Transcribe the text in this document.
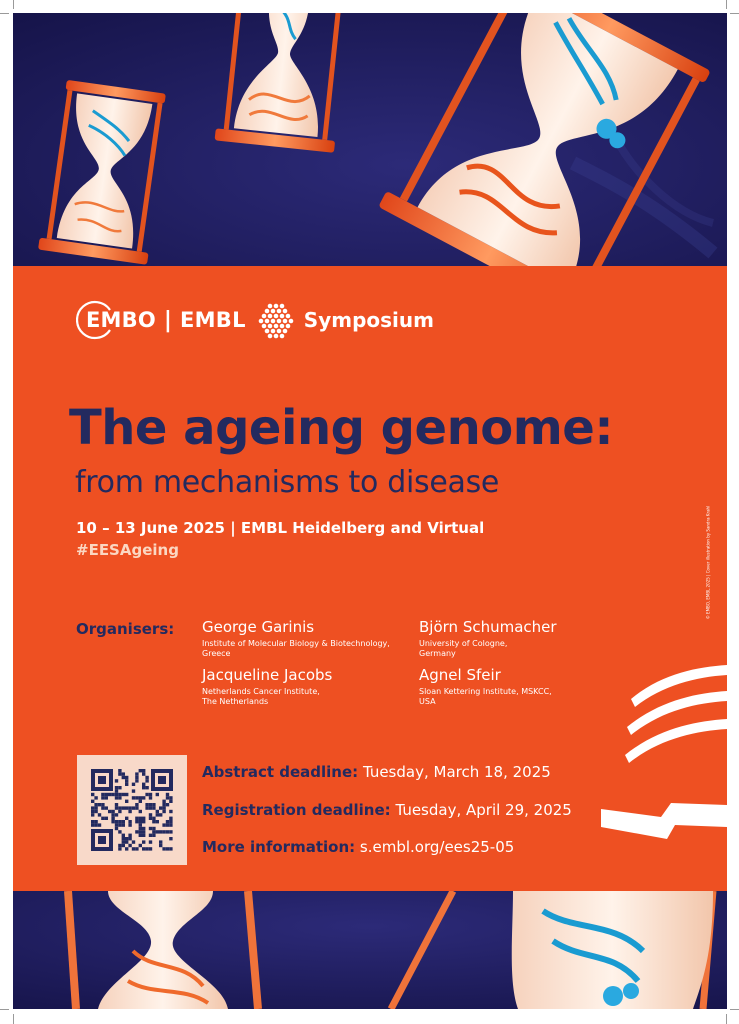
EMBO | EMBL	Symposium
The ageing genome:
from mechanisms to disease
10 – 13 June 2025 | EMBL Heidelberg and Virtual
#EESAgeing
Organisers: George Garinis
Institute of Molecular Biology & Biotechnology,
Greece
Björn Schumacher
University of Cologne,
Germany
Jacqueline Jacobs
Netherlands Cancer Institute,
The Netherlands
Agnel Sfeir
Sloan Kettering Institute, MSKCC,
USA
Abstract deadline: Tuesday, March 18, 2025
Registration deadline: Tuesday, April 29, 2025
More information: s.embl.org/ees25-05
© EMBO, EMBL 2025 | Cover illustration by Sandra Krahl
